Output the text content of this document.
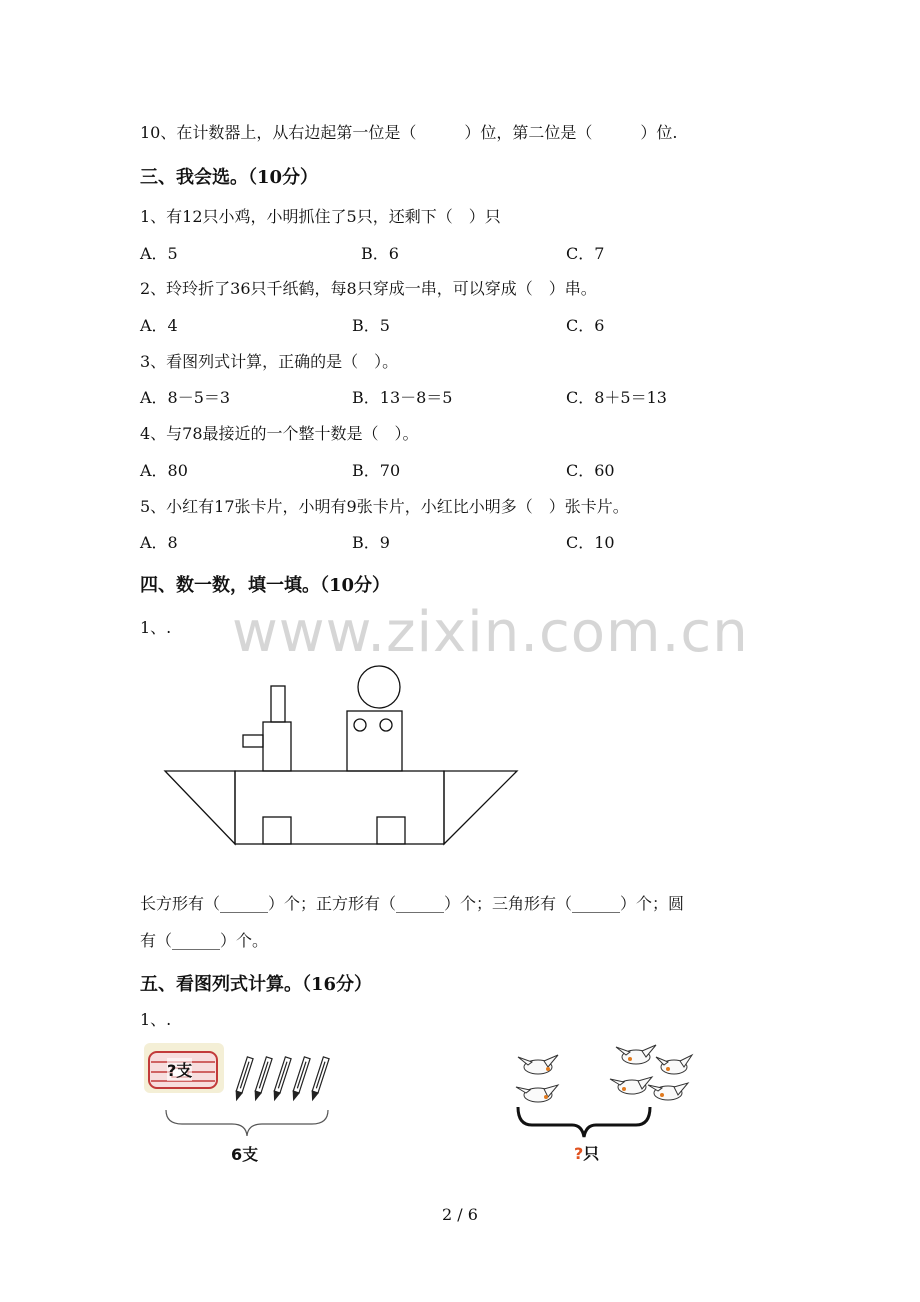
10、在计数器上，从右边起第一位是（　　　）位，第二位是（　　　）位.
三、我会选。（10分）
1、有12只小鸡，小明抓住了5只，还剩下（　）只
A．5	B．6	C．7
2、玲玲折了36只千纸鹤，每8只穿成一串，可以穿成（　）串。
A．4	B．5	C．6
3、看图列式计算，正确的是（　）。
A．8－5＝3	B．13－8＝5	C．8＋5＝13
4、与78最接近的一个整十数是（　）。
A．80	B．70	C．60
5、小红有17张卡片，小明有9张卡片，小红比小明多（　）张卡片。
A．8	B．9	C．10
四、数一数，填一填。（10分）
1、. www.zixin.com.cn
长方形有（______）个；正方形有（______）个；三角形有（______）个；圆
有（______）个。
五、看图列式计算。（16分）
1、.
?支
6支	?只
2 / 6
